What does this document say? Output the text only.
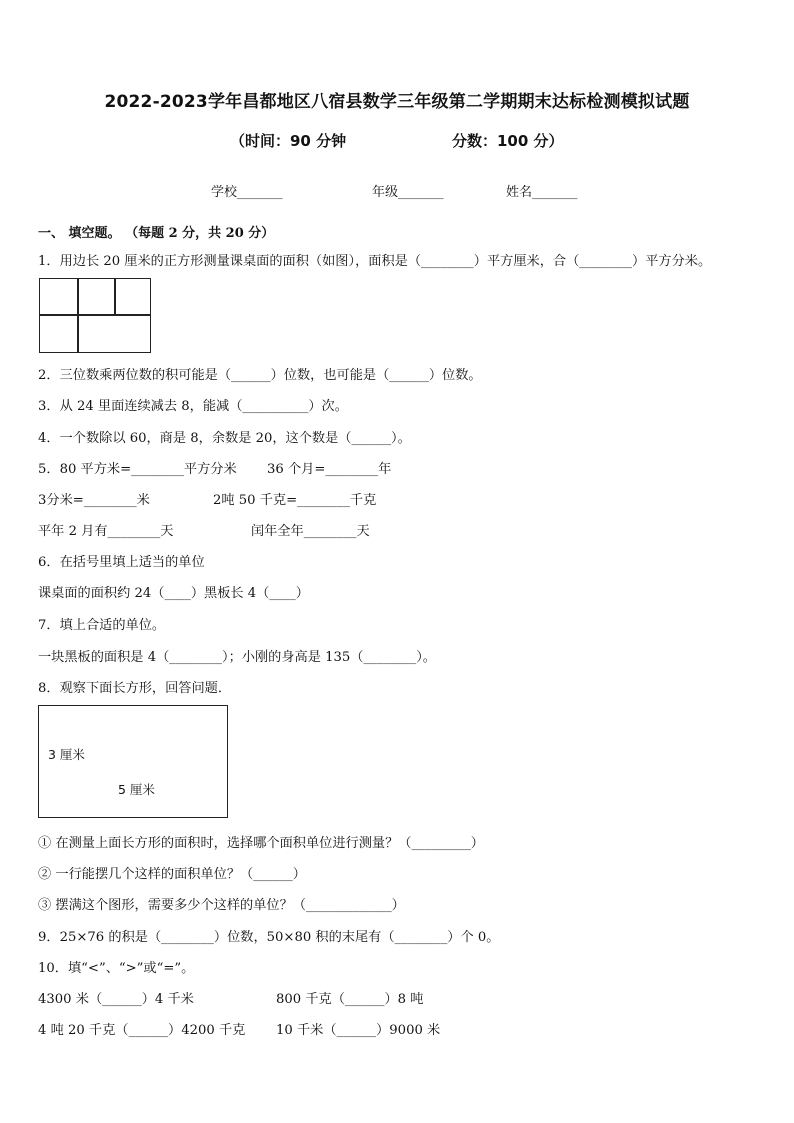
2022-2023学年昌都地区八宿县数学三年级第二学期期末达标检测模拟试题
（时间：90 分钟	分数：100 分）
学校_______	年级_______	姓名_______
一、 填空题。 （每题 2 分，共 20 分）
1．用边长 20 厘米的正方形测量课桌面的面积（如图），面积是（________）平方厘米，合（________）平方分米。
2．三位数乘两位数的积可能是（______）位数，也可能是（______）位数。
3．从 24 里面连续减去 8，能减（__________）次。
4．一个数除以 60，商是 8，余数是 20，这个数是（______）。
5．80 平方米=________平方分米 36 个月=________年
3分米=________米	2吨 50 千克=________千克
平年 2 月有________天	闰年全年________天
6．在括号里填上适当的单位
课桌面的面积约 24（____）黑板长 4（____）
7．填上合适的单位。
一块黑板的面积是 4（________）；小刚的身高是 135（________）。
8．观察下面长方形，回答问题．
3 厘米
5 厘米
① 在测量上面长方形的面积时，选择哪个面积单位进行测量？（_________）
② 一行能摆几个这样的面积单位？（______）
③ 摆满这个图形，需要多少个这样的单位？（_____________）
9．25×76 的积是（________）位数，50×80 积的末尾有（________）个 0。
10．填“<”、“>”或“=”。
4300 米（______）4 千米	800 千克（______）8 吨
4 吨 20 千克（______）4200 千克 10 千米（______）9000 米
